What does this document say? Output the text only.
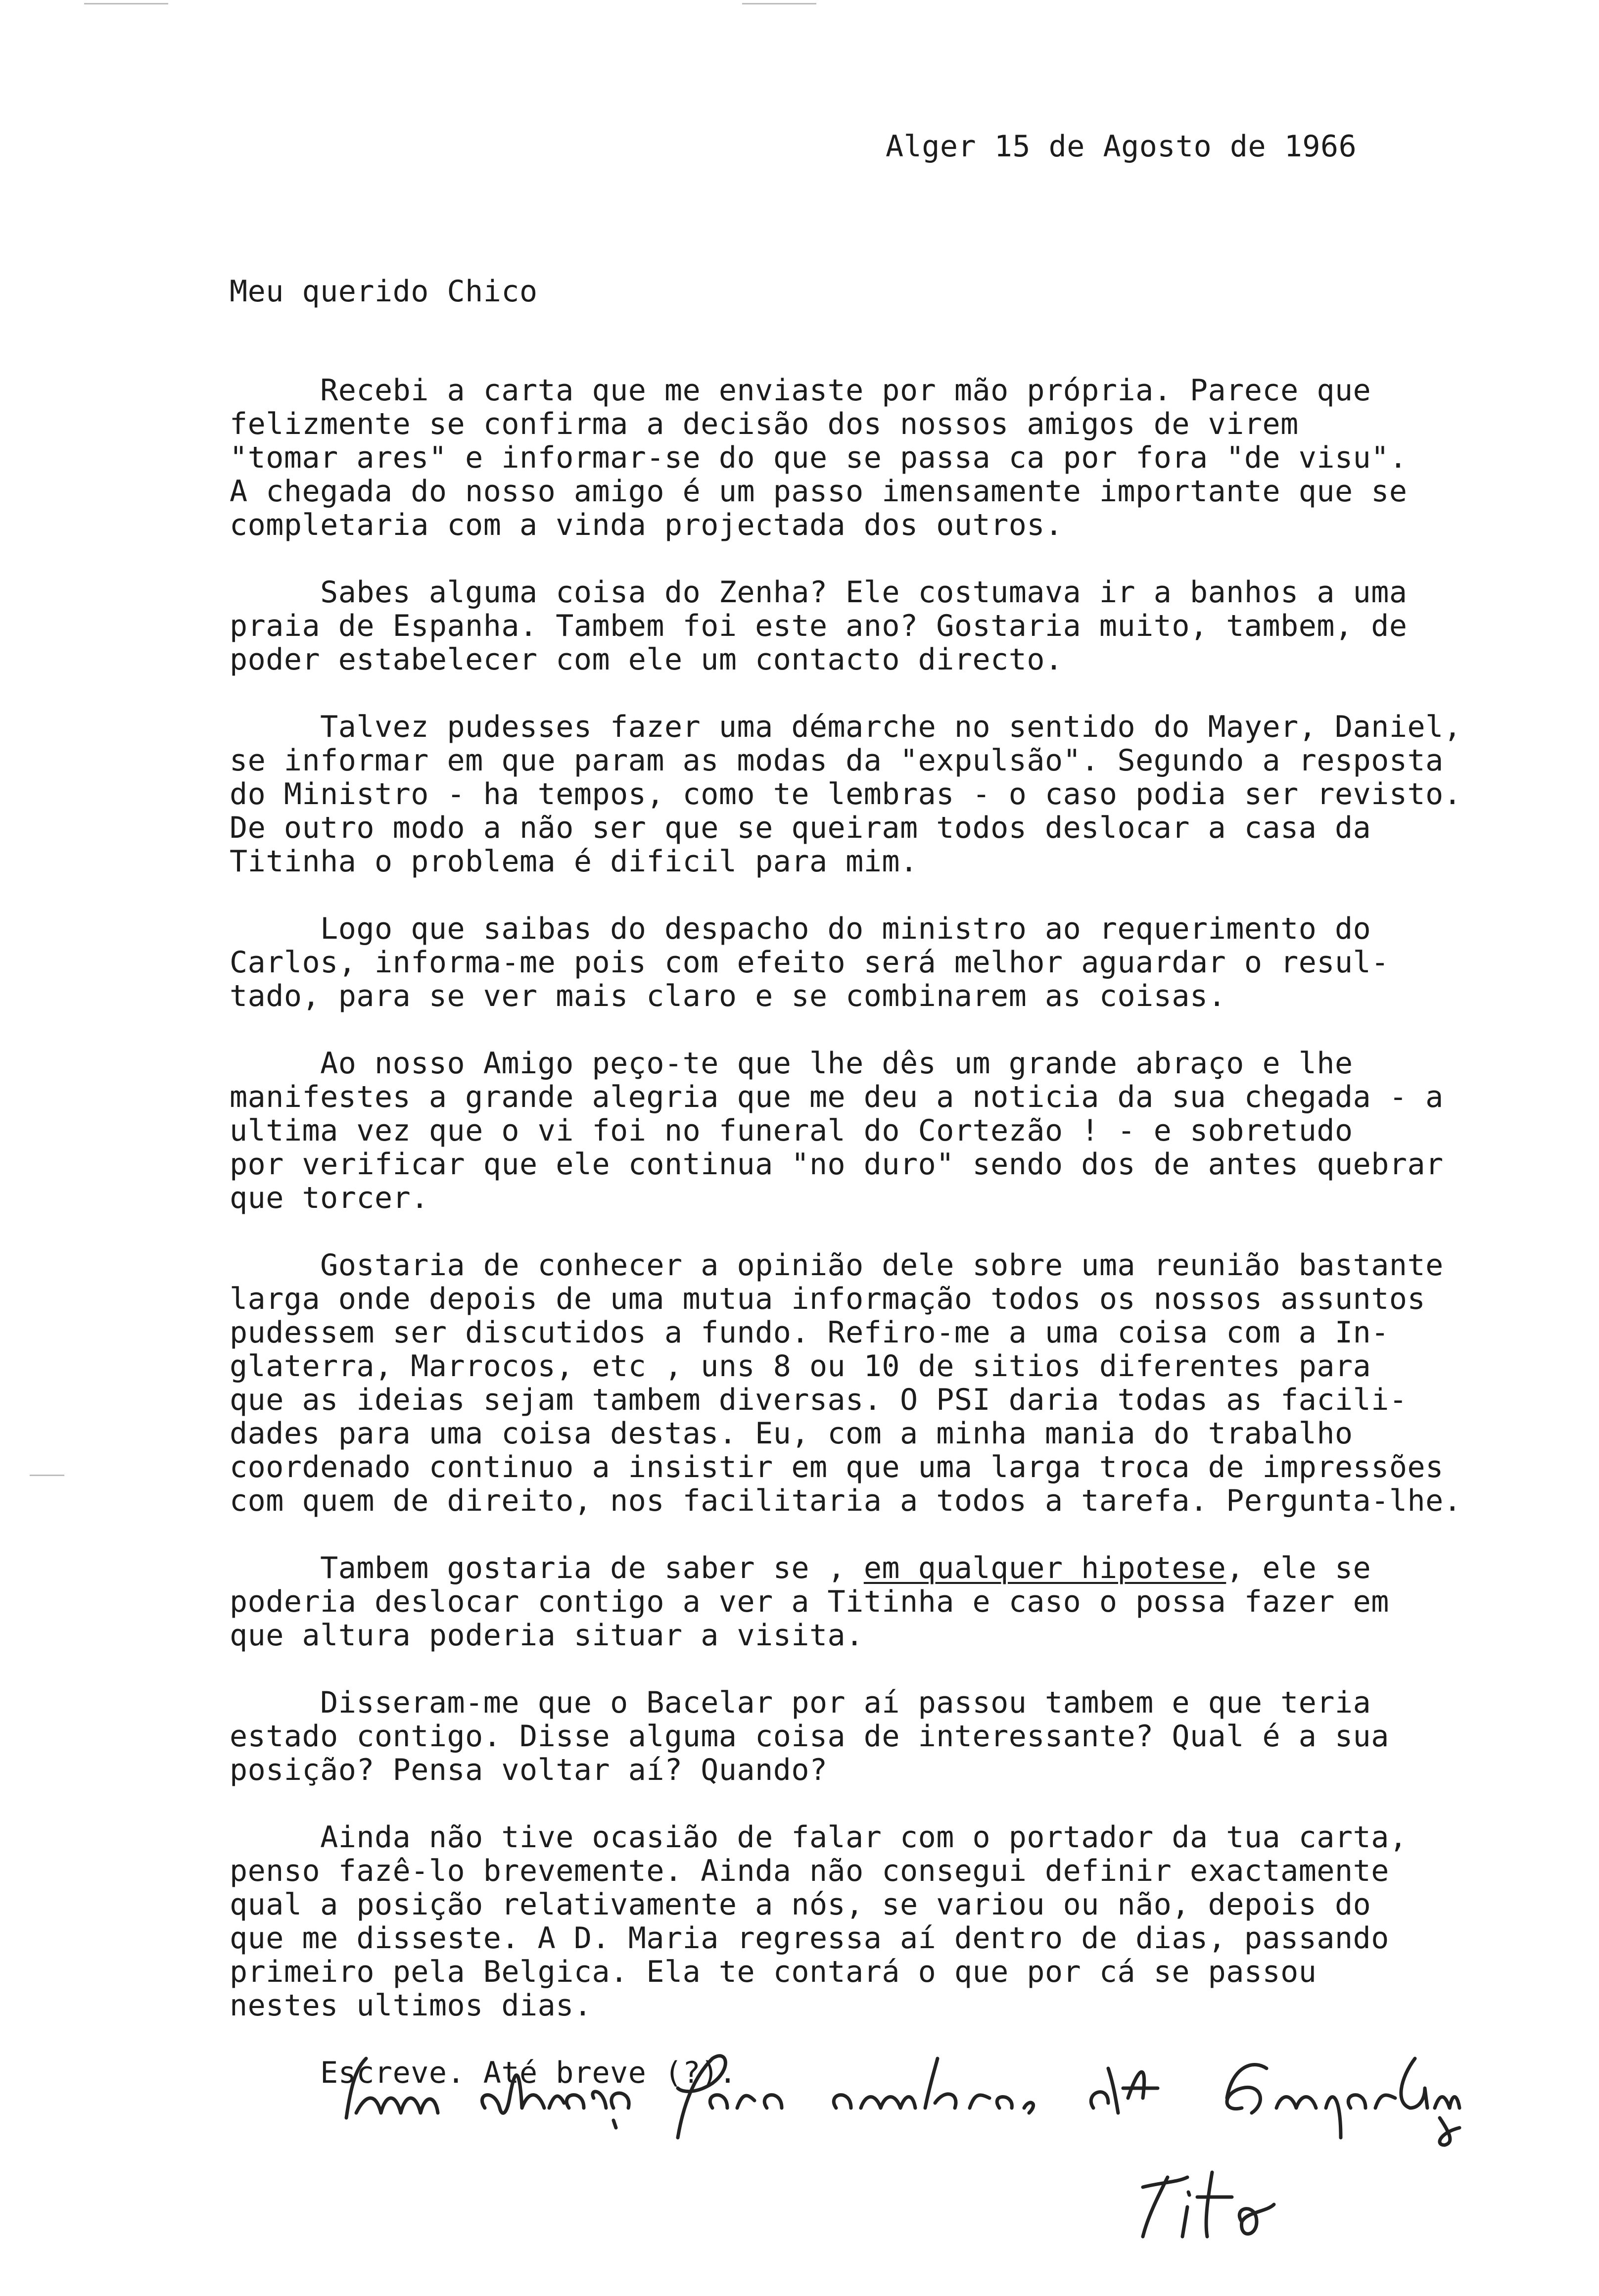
Alger 15 de Agosto de 1966
Meu querido Chico
Recebi a carta que me enviaste por mão própria. Parece que
felizmente se confirma a decisão dos nossos amigos de virem
"tomar ares" e informar-se do que se passa ca por fora "de visu".
A chegada do nosso amigo é um passo imensamente importante que se
completaria com a vinda projectada dos outros.
Sabes alguma coisa do Zenha? Ele costumava ir a banhos a uma
praia de Espanha. Tambem foi este ano? Gostaria muito, tambem, de
poder estabelecer com ele um contacto directo.
Talvez pudesses fazer uma démarche no sentido do Mayer, Daniel,
se informar em que param as modas da "expulsão". Segundo a resposta
do Ministro - ha tempos, como te lembras - o caso podia ser revisto.
De outro modo a não ser que se queiram todos deslocar a casa da
Titinha o problema é dificil para mim.
Logo que saibas do despacho do ministro ao requerimento do
Carlos, informa-me pois com efeito será melhor aguardar o resul-
tado, para se ver mais claro e se combinarem as coisas.
Ao nosso Amigo peço-te que lhe dês um grande abraço e lhe
manifestes a grande alegria que me deu a noticia da sua chegada - a
ultima vez que o vi foi no funeral do Cortezão ! - e sobretudo
por verificar que ele continua "no duro" sendo dos de antes quebrar
que torcer.
Gostaria de conhecer a opinião dele sobre uma reunião bastante
larga onde depois de uma mutua informação todos os nossos assuntos
pudessem ser discutidos a fundo. Refiro-me a uma coisa com a In-
glaterra, Marrocos, etc , uns 8 ou 10 de sitios diferentes para
que as ideias sejam tambem diversas. O PSI daria todas as facili-
dades para uma coisa destas. Eu, com a minha mania do trabalho
coordenado continuo a insistir em que uma larga troca de impressões
com quem de direito, nos facilitaria a todos a tarefa. Pergunta-lhe.
Tambem gostaria de saber se , em qualquer hipotese, ele se
poderia deslocar contigo a ver a Titinha e caso o possa fazer em
que altura poderia situar a visita.
Disseram-me que o Bacelar por aí passou tambem e que teria
estado contigo. Disse alguma coisa de interessante? Qual é a sua
posição? Pensa voltar aí? Quando?
Ainda não tive ocasião de falar com o portador da tua carta,
penso fazê-lo brevemente. Ainda não consegui definir exactamente
qual a posição relativamente a nós, se variou ou não, depois do
que me disseste. A D. Maria regressa aí dentro de dias, passando
primeiro pela Belgica. Ela te contará o que por cá se passou
nestes ultimos dias.
Escreve. Até breve (?).
